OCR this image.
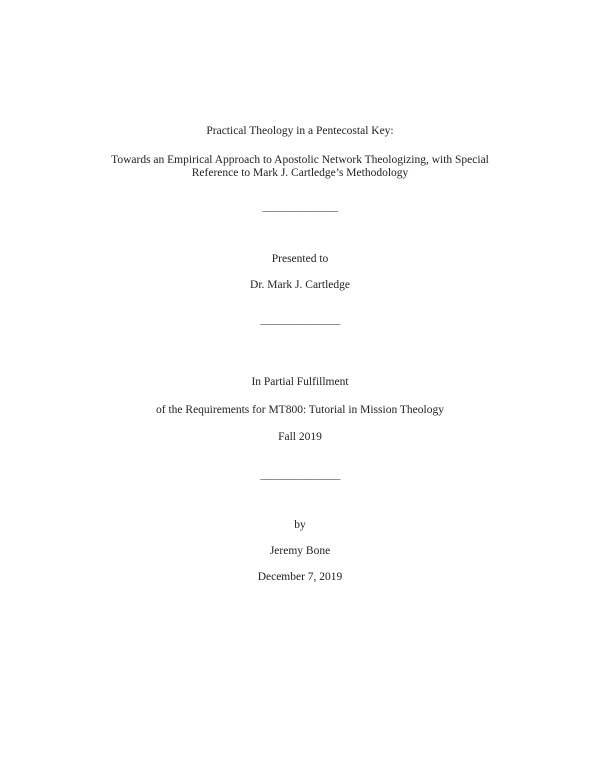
Practical Theology in a Pentecostal Key:
Towards an Empirical Approach to Apostolic Network Theologizing, with Special
Reference to Mark J. Cartledge’s Methodology
_______________
Presented to
Dr. Mark J. Cartledge
________________
In Partial Fulfillment
of the Requirements for MT800: Tutorial in Mission Theology
Fall 2019
________________
by
Jeremy Bone
December 7, 2019
